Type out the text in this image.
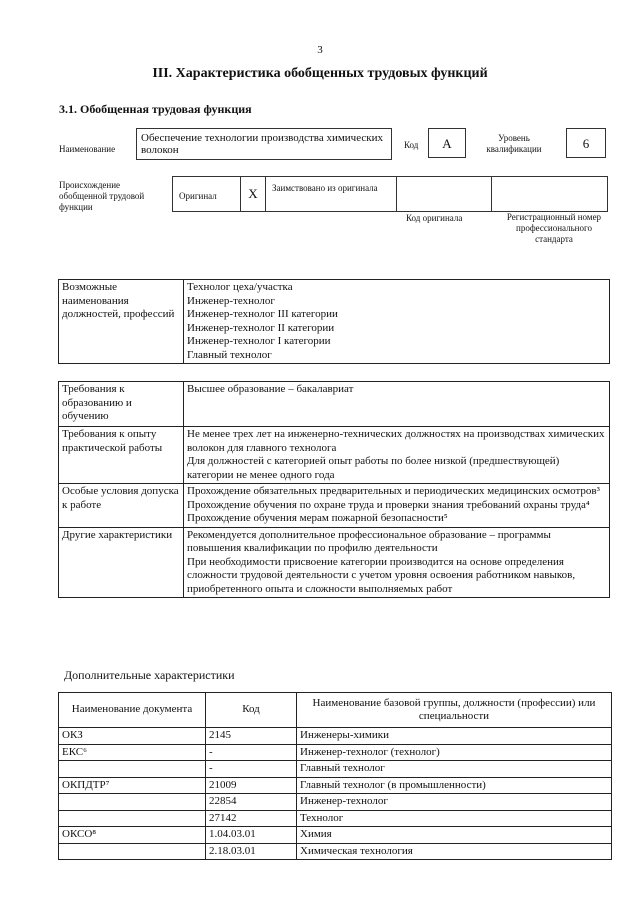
3
III. Характеристика обобщенных трудовых функций
3.1. Обобщенная трудовая функция
Наименование
Обеспечение технологии производства химических волокон	Код	A	Уровень квалификации	6
Происхождение обобщенной трудовой функции
Оригинал	X	Заимствовано из оригинала
Код оригинала	Регистрационный номер профессионального стандарта
Возможные наименования должностей, профессий	
Технолог цеха/участка
Инженер-технолог
Инженер-технолог III категории
Инженер-технолог II категории
Инженер-технолог I категории
Главный технолог
Требования к образованию и обучению	Высшее образование – бакалавриат

Требования к опыту практической работы	Не менее трех лет на инженерно-технических должностях на производствах химических волокон для главного технолога
Для должностей с категорией опыт работы по более низкой (предшествующей) категории не менее одного года

Особые условия допуска к работе	Прохождение обязательных предварительных и периодических медицинских осмотров³
Прохождение обучения по охране труда и проверки знания требований охраны труда⁴
Прохождение обучения мерам пожарной безопасности⁵

Другие характеристики	Рекомендуется дополнительное профессиональное образование – программы повышения квалификации по профилю деятельности
При необходимости присвоение категории производится на основе определения сложности трудовой деятельности с учетом уровня освоения работником навыков, приобретенного опыта и сложности выполняемых работ
Дополнительные характеристики
Наименование документа	Код	Наименование базовой группы, должности (профессии) или специальности
ОКЗ	2145	Инженеры-химики
ЕКС⁶	-	Инженер-технолог (технолог)
	-	Главный технолог
ОКПДТР⁷	21009	Главный технолог (в промышленности)
	22854	Инженер-технолог
	27142	Технолог
ОКСО⁸	1.04.03.01	Химия
	2.18.03.01	Химическая технология
